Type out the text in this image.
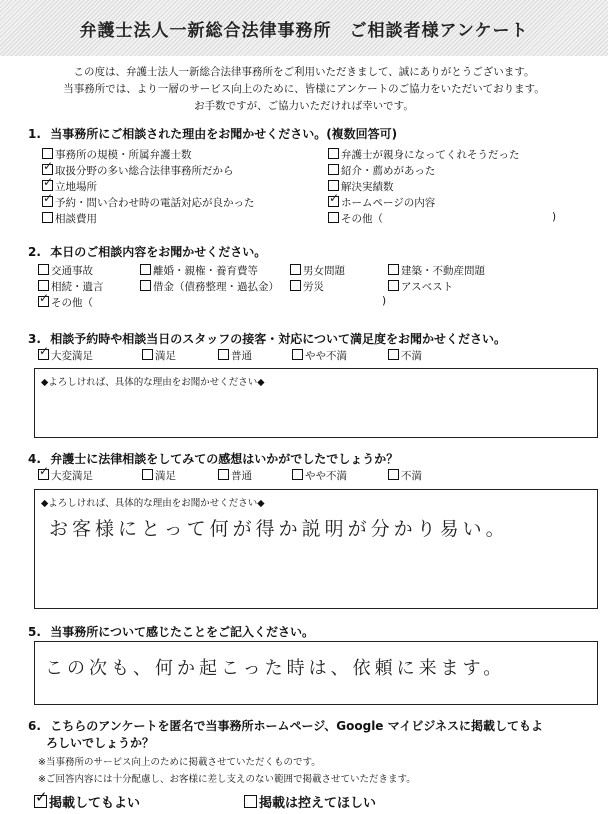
弁護士法人一新総合法律事務所　ご相談者様アンケート
この度は、弁護士法人一新総合法律事務所をご利用いただきまして、誠にありがとうございます。
当事務所では、より一層のサービス向上のために、皆様にアンケートのご協力をいただいております。
お手数ですが、ご協力いただければ幸いです。
1. 当事務所にご相談された理由をお聞かせください。(複数回答可)
事務所の規模・所属弁護士数
✓取扱分野の多い総合法律事務所だから
✓立地場所
✓予約・問い合わせ時の電話対応が良かった
相談費用
弁護士が親身になってくれそうだった
紹介・薦めがあった
解決実績数
✓ホームページの内容
その他（	)
2. 本日のご相談内容をお聞かせください。
交通事故	離婚・親権・養育費等	男女問題	建築・不動産問題
相続・遺言	借金（債務整理・過払金）	労災	アスベスト
✓その他（	)
3. 相談予約時や相談当日のスタッフの接客・対応について満足度をお聞かせください。
✓大変満足	満足	普通	やや不満	不満
◆よろしければ、具体的な理由をお聞かせください◆
4. 弁護士に法律相談をしてみての感想はいかがでしたでしょうか？
✓大変満足	満足	普通	やや不満	不満
◆よろしければ、具体的な理由をお聞かせください◆
お客様にとって何が得か説明が分かり易い。
5. 当事務所について感じたことをご記入ください。
この次も、何か起こった時は、依頼に来ます。
6. こちらのアンケートを匿名で当事務所ホームページ、Google マイビジネスに掲載してもよ
ろしいでしょうか？
※当事務所のサービス向上のために掲載させていただくものです。
※ご回答内容には十分配慮し、お客様に差し支えのない範囲で掲載させていただきます。
✓掲載してもよい	掲載は控えてほしい
